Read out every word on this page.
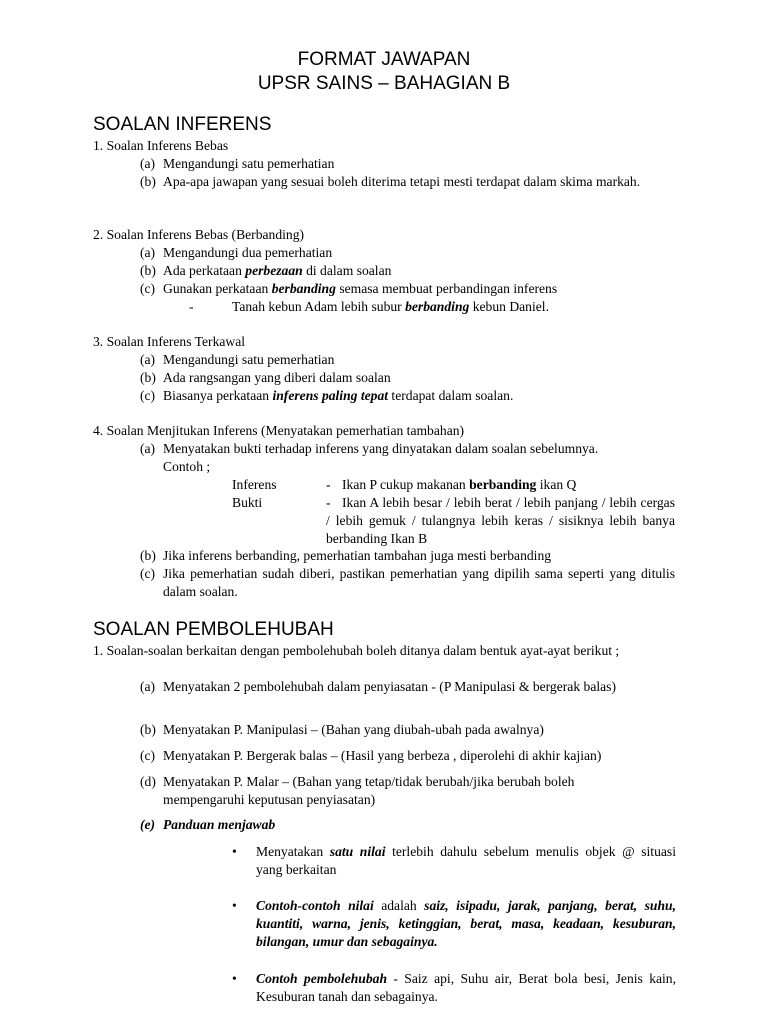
FORMAT JAWAPAN
UPSR SAINS – BAHAGIAN B
SOALAN INFERENS
1. Soalan Inferens Bebas
(a) Mengandungi satu pemerhatian
(b) Apa-apa jawapan yang sesuai boleh diterima tetapi mesti terdapat dalam skima markah.
2. Soalan Inferens Bebas (Berbanding)
(a) Mengandungi dua pemerhatian
(b) Ada perkataan perbezaan di dalam soalan
(c) Gunakan perkataan berbanding semasa membuat perbandingan inferens
-	Tanah kebun Adam lebih subur berbanding kebun Daniel.
3. Soalan Inferens Terkawal
(a) Mengandungi satu pemerhatian
(b) Ada rangsangan yang diberi dalam soalan
(c) Biasanya perkataan inferens paling tepat terdapat dalam soalan.
4. Soalan Menjitukan Inferens (Menyatakan pemerhatian tambahan)
(a) Menyatakan bukti terhadap inferens yang dinyatakan dalam soalan sebelumnya.
Contoh ;
Inferens	- Ikan P cukup makanan berbanding ikan Q
Bukti	- Ikan A lebih besar / lebih berat / lebih panjang / lebih cergas / lebih gemuk / tulangnya lebih keras / sisiknya lebih banya berbanding Ikan B
(b) Jika inferens berbanding, pemerhatian tambahan juga mesti berbanding
(c) Jika pemerhatian sudah diberi, pastikan pemerhatian yang dipilih sama seperti yang ditulis dalam soalan.
SOALAN PEMBOLEHUBAH
1. Soalan-soalan berkaitan dengan pembolehubah boleh ditanya dalam bentuk ayat-ayat berikut ;
(a) Menyatakan 2 pembolehubah dalam penyiasatan - (P Manipulasi & bergerak balas)
(b) Menyatakan P. Manipulasi – (Bahan yang diubah-ubah pada awalnya)
(c) Menyatakan P. Bergerak balas – (Hasil yang berbeza , diperolehi di akhir kajian)
(d) Menyatakan P. Malar – (Bahan yang tetap/tidak berubah/jika berubah boleh mempengaruhi keputusan penyiasatan)
(e) Panduan menjawab
• Menyatakan satu nilai terlebih dahulu sebelum menulis objek @ situasi yang berkaitan
• Contoh-contoh nilai adalah saiz, isipadu, jarak, panjang, berat, suhu, kuantiti, warna, jenis, ketinggian, berat, masa, keadaan, kesuburan, bilangan, umur dan sebagainya.
• Contoh pembolehubah - Saiz api, Suhu air, Berat bola besi, Jenis kain, Kesuburan tanah dan sebagainya.
